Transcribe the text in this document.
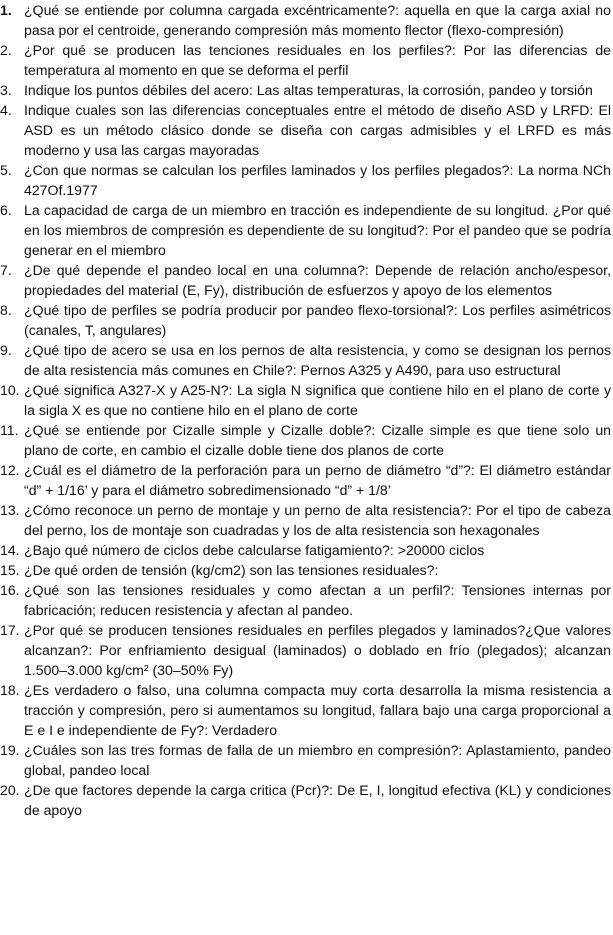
1. ¿Qué se entiende por columna cargada excéntricamente?: aquella en que la carga axial no pasa por el centroide, generando compresión más momento flector (flexo-compresión)
2. ¿Por qué se producen las tenciones residuales en los perfiles?: Por las diferencias de temperatura al momento en que se deforma el perfil
3. Indique los puntos débiles del acero: Las altas temperaturas, la corrosión, pandeo y torsión
4. Indique cuales son las diferencias conceptuales entre el método de diseño ASD y LRFD: El ASD es un método clásico donde se diseña con cargas admisibles y el LRFD es más moderno y usa las cargas mayoradas
5. ¿Con que normas se calculan los perfiles laminados y los perfiles plegados?: La norma NCh 427Of.1977
6. La capacidad de carga de un miembro en tracción es independiente de su longitud. ¿Por qué en los miembros de compresión es dependiente de su longitud?: Por el pandeo que se podría generar en el miembro
7. ¿De qué depende el pandeo local en una columna?: Depende de relación ancho/espesor, propiedades del material (E, Fy), distribución de esfuerzos y apoyo de los elementos
8. ¿Qué tipo de perfiles se podría producir por pandeo flexo-torsional?: Los perfiles asimétricos (canales, T, angulares)
9. ¿Qué tipo de acero se usa en los pernos de alta resistencia, y como se designan los pernos de alta resistencia más comunes en Chile?: Pernos A325 y A490, para uso estructural
10. ¿Qué significa A327-X y A25-N?: La sigla N significa que contiene hilo en el plano de corte y la sigla X es que no contiene hilo en el plano de corte
11. ¿Qué se entiende por Cizalle simple y Cizalle doble?: Cizalle simple es que tiene solo un plano de corte, en cambio el cizalle doble tiene dos planos de corte
12. ¿Cuál es el diámetro de la perforación para un perno de diámetro “d”?: El diámetro estándar “d” + 1/16’ y para el diámetro sobredimensionado “d” + 1/8’
13. ¿Cómo reconoce un perno de montaje y un perno de alta resistencia?: Por el tipo de cabeza del perno, los de montaje son cuadradas y los de alta resistencia son hexagonales
14. ¿Bajo qué número de ciclos debe calcularse fatigamiento?: >20000 ciclos
15. ¿De qué orden de tensión (kg/cm2) son las tensiones residuales?:
16. ¿Qué son las tensiones residuales y como afectan a un perfil?: Tensiones internas por fabricación; reducen resistencia y afectan al pandeo.
17. ¿Por qué se producen tensiones residuales en perfiles plegados y laminados?¿Que valores alcanzan?: Por enfriamiento desigual (laminados) o doblado en frío (plegados); alcanzan 1.500–3.000 kg/cm² (30–50% Fy)
18. ¿Es verdadero o falso, una columna compacta muy corta desarrolla la misma resistencia a tracción y compresión, pero si aumentamos su longitud, fallara bajo una carga proporcional a E e I e independiente de Fy?: Verdadero
19. ¿Cuáles son las tres formas de falla de un miembro en compresión?: Aplastamiento, pandeo global, pandeo local
20. ¿De que factores depende la carga critica (Pcr)?: De E, I, longitud efectiva (KL) y condiciones de apoyo
